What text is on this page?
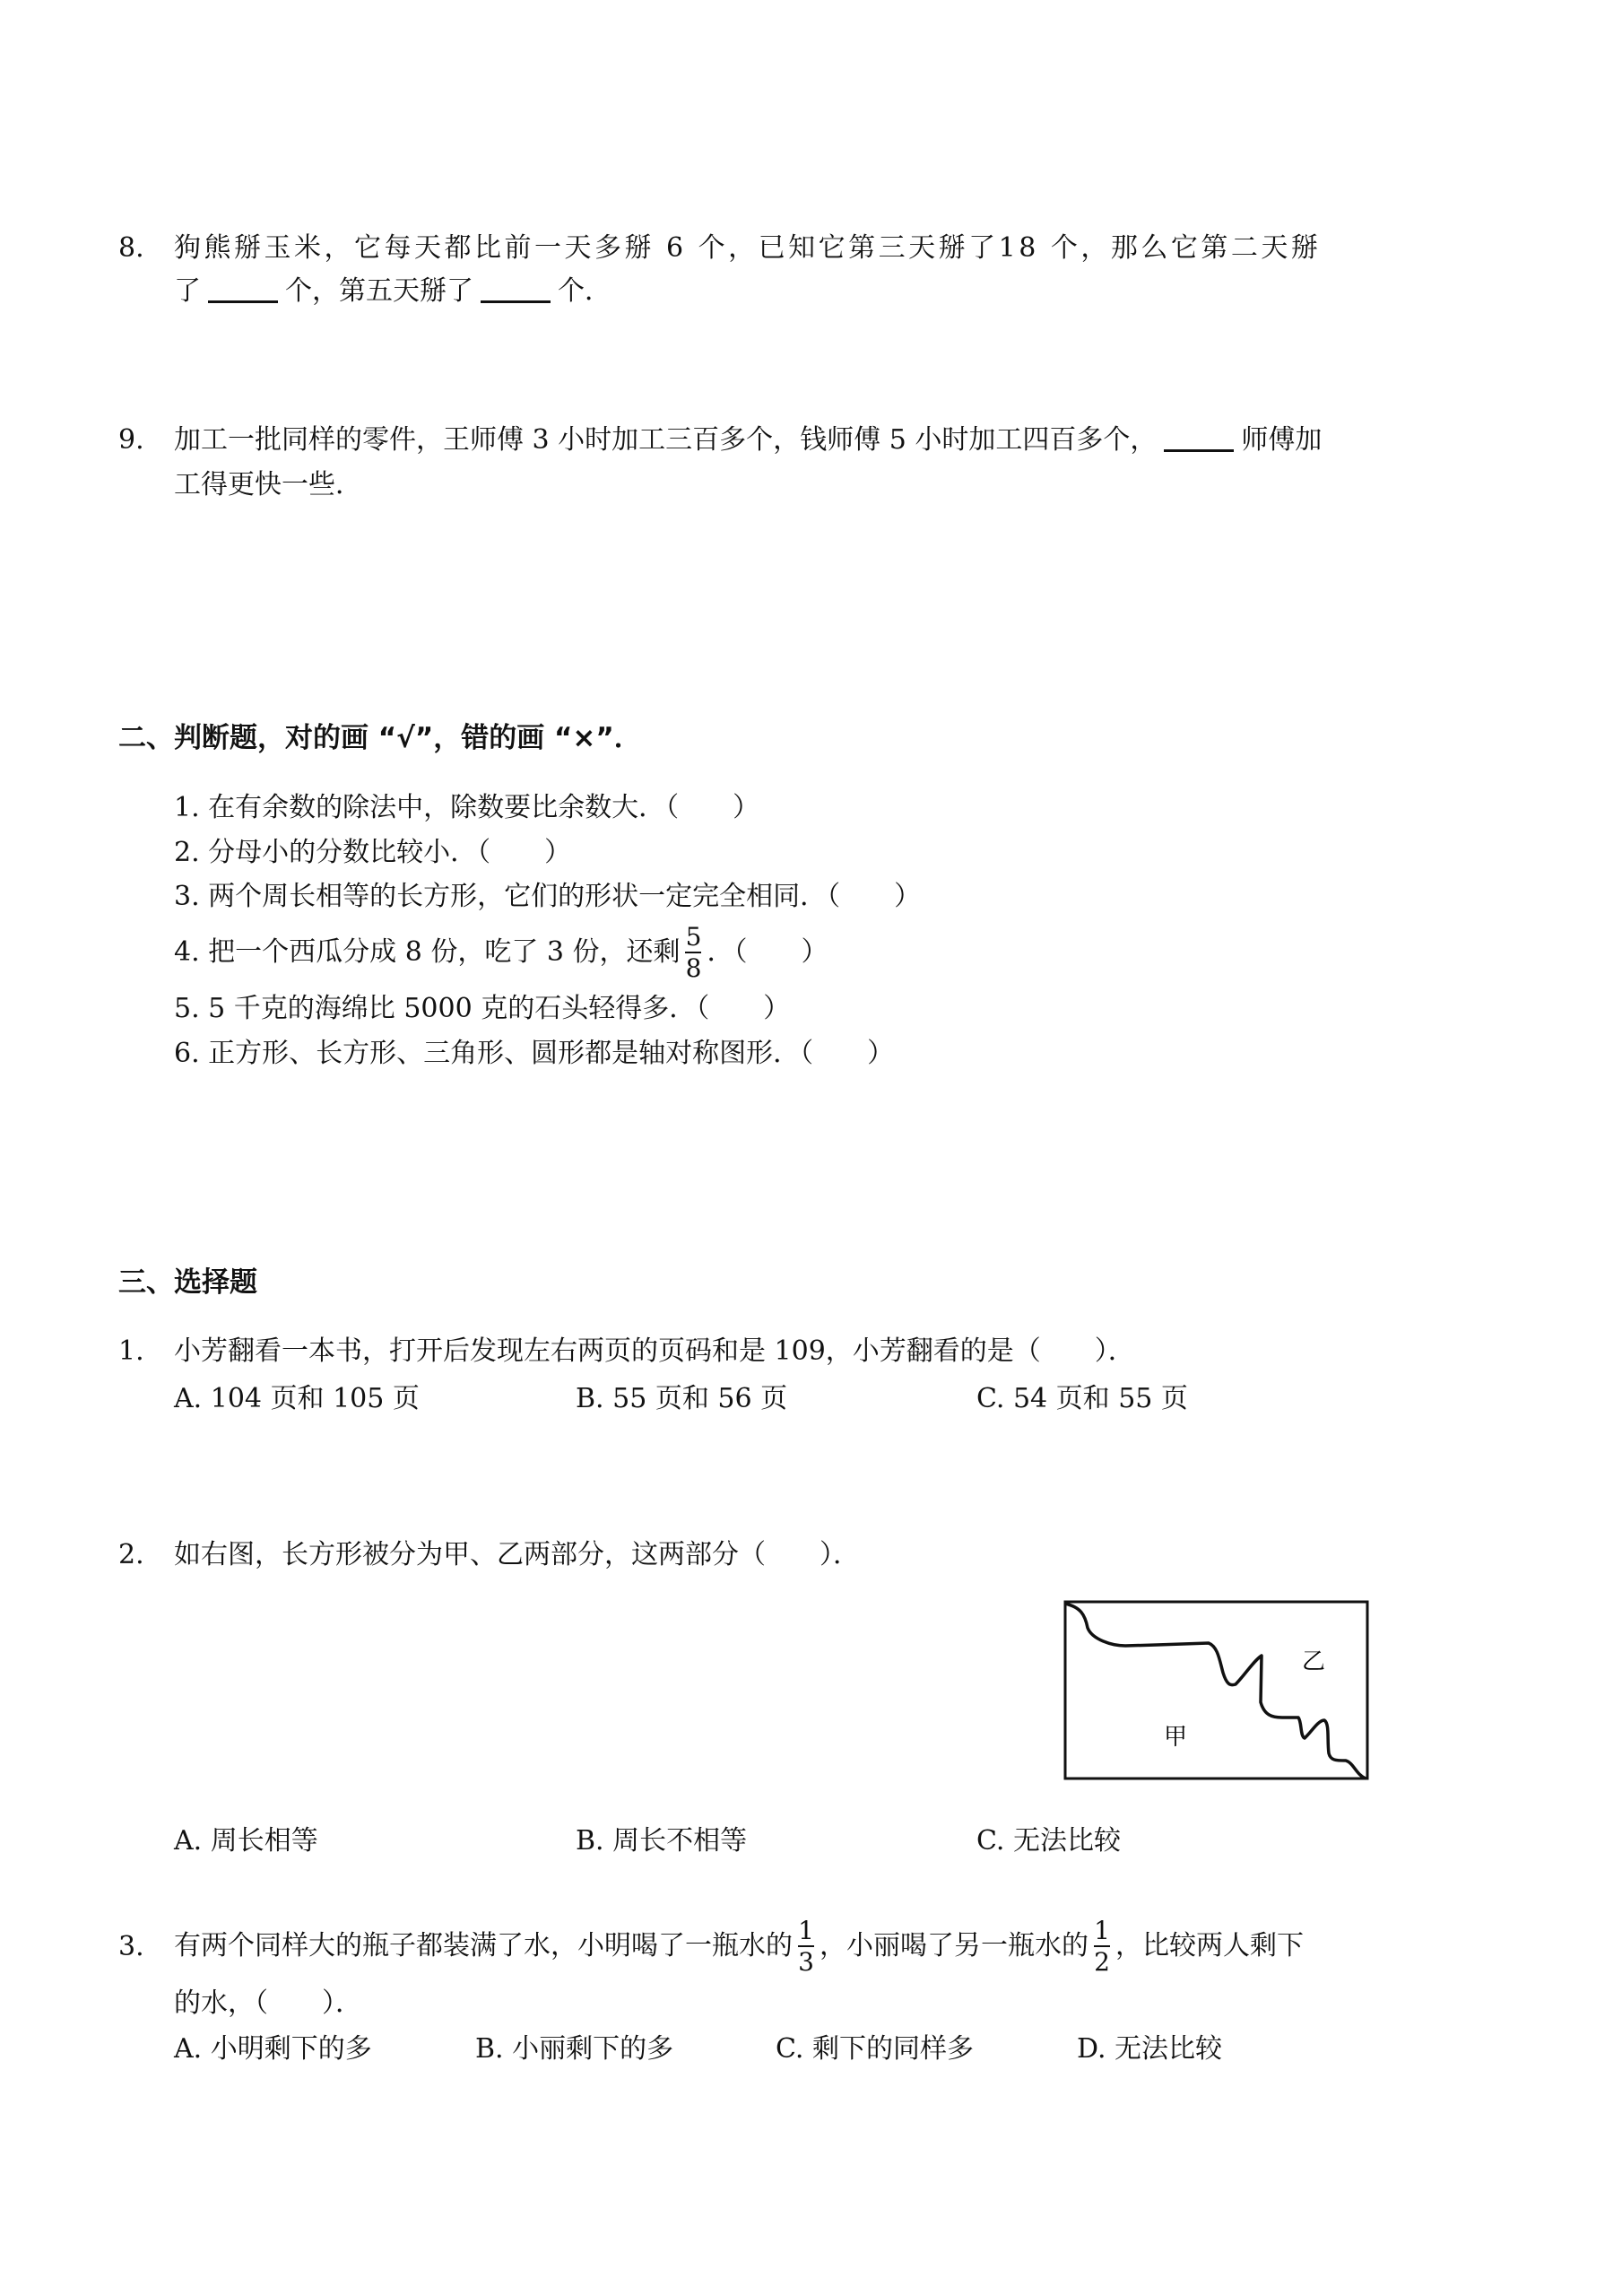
8. 狗熊掰玉米，它每天都比前一天多掰 6 个，已知它第三天掰了18 个，那么它第二天掰
了	个，第五天掰了	个．
9. 加工一批同样的零件，王师傅 3 小时加工三百多个，钱师傅 5 小时加工四百多个，	师傅加
工得更快一些．
二、判断题，对的画 “√”，错的画 “×”．
1. 在有余数的除法中，除数要比余数大．（　　）
2. 分母小的分数比较小．（　　）
3. 两个周长相等的长方形，它们的形状一定完全相同．（　　）
4. 把一个西瓜分成 8 份，吃了 3 份，还剩 $\frac{5}{8}$ ．（　　）
5. 5 千克的海绵比 5000 克的石头轻得多．（　　）
6. 正方形、长方形、三角形、圆形都是轴对称图形．（　　）
三、选择题
1. 小芳翻看一本书，打开后发现左右两页的页码和是 109，小芳翻看的是（　　）．
A. 104 页和 105 页	B. 55 页和 56 页	C. 54 页和 55 页
2. 如右图，长方形被分为甲、乙两部分，这两部分（　　）．
甲
乙
A. 周长相等	B. 周长不相等	C. 无法比较
3. 有两个同样大的瓶子都装满了水，小明喝了一瓶水的 $\frac{1}{3}$ ，小丽喝了另一瓶水的 $\frac{1}{2}$ ，比较两人剩下
的水，（　　）．
A. 小明剩下的多	B. 小丽剩下的多	C. 剩下的同样多	D. 无法比较
